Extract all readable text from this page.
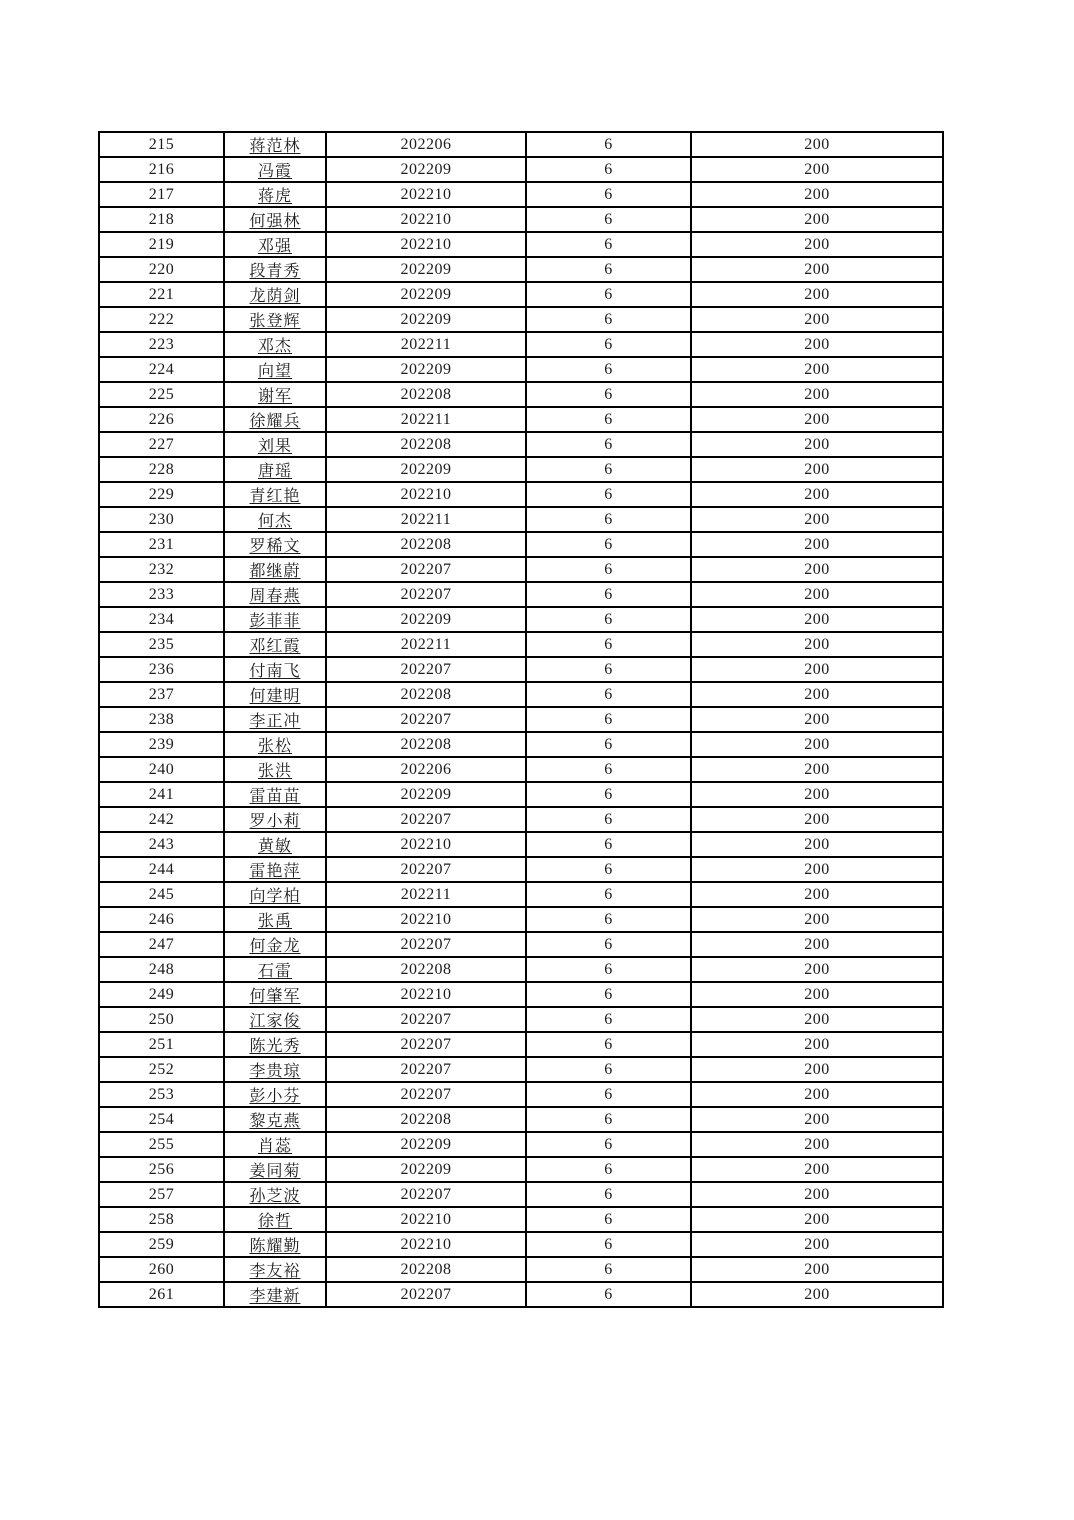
215	蒋范林	202206	6	200
216	冯霞	202209	6	200
217	蒋虎	202210	6	200
218	何强林	202210	6	200
219	邓强	202210	6	200
220	段青秀	202209	6	200
221	龙荫剑	202209	6	200
222	张登辉	202209	6	200
223	邓杰	202211	6	200
224	向望	202209	6	200
225	谢军	202208	6	200
226	徐耀兵	202211	6	200
227	刘果	202208	6	200
228	唐瑶	202209	6	200
229	青红艳	202210	6	200
230	何杰	202211	6	200
231	罗稀文	202208	6	200
232	都继蔚	202207	6	200
233	周春燕	202207	6	200
234	彭菲菲	202209	6	200
235	邓红霞	202211	6	200
236	付南飞	202207	6	200
237	何建明	202208	6	200
238	李正冲	202207	6	200
239	张松	202208	6	200
240	张洪	202206	6	200
241	雷苗苗	202209	6	200
242	罗小莉	202207	6	200
243	黄敏	202210	6	200
244	雷艳萍	202207	6	200
245	向学柏	202211	6	200
246	张禹	202210	6	200
247	何金龙	202207	6	200
248	石雷	202208	6	200
249	何肇军	202210	6	200
250	江家俊	202207	6	200
251	陈光秀	202207	6	200
252	李贵琼	202207	6	200
253	彭小芬	202207	6	200
254	黎克燕	202208	6	200
255	肖蕊	202209	6	200
256	姜同菊	202209	6	200
257	孙芝波	202207	6	200
258	徐哲	202210	6	200
259	陈耀勤	202210	6	200
260	李友裕	202208	6	200
261	李建新	202207	6	200
